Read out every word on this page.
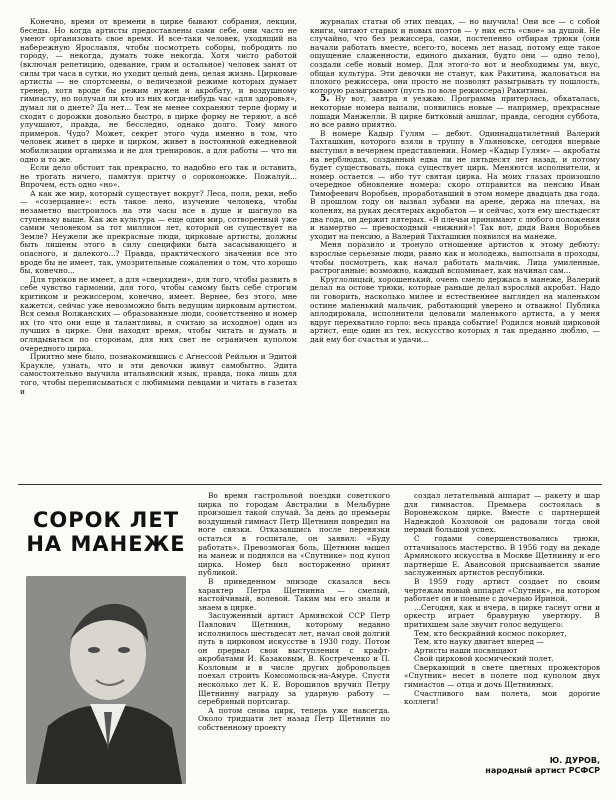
Конечно, время от времени в цирке бывают собрания, лекции, беседы. Но когда артисты предоставлены сами себе, они часто не умеют организовать свое время. И все-таки человек, уходящий на набережную Ярославля, чтобы посмотреть соборы, побродить по городу, — некогда, думать тоже некогда. Хотя чисто работой (включая репетицию, одевание, грим и остальное) человек занят от силы три часа в сутки, но уходит целый день, целая жизнь. Цирковые артисты — не спортсмены, о величезной режиме которых думает тренер, хотя вроде бы режим нужен и акробату, и воздушному гимнасту, но получая ли кто из них когда-нибудь час «для здоровья», думал ли о диете? Да нет... Тем не менее сохраняют терпе форму и сходят с дорожки довольно быстро, в цирке форму не теряют, а всё улучшают, правда, не бесследно, однако долго. Тому много примеров. Чудо? Может, секрет этого чуда именно в том, что человек живет в цирке и цирком, живет в постоянной ежедневной мобилизации организма и не для тренировок, а для работы — что ни одно и то же.

Если дело обстоит так прекрасно, то надобно его так и оставить, не трогать ничего, памятуя притчу о сороконожке. Пожалуй... Впрочем, есть одно «но».

А как же мир, который существует вокруг? Леса, поля, реки, небо — «созерцание»: есть такое лено, изучение человека, чтобы незаметно выстроилось на эти часы все в душе и шагнуло на ступеньку выше. Как же культура — еще один мир, сотворенный уже самим человеком за тот миллион лет, который он существует на Земле? Неужели же прекрасные люди, цирковые артисты, должны быть лишены этого в силу специфики быта засасывающего и опасного, и далекого...? Правда, практического значения все это вроде бы не имеет, так, умозрительные сожаления о том, что хорошо бы, конечно...

Для трюков не имеет, а для «сверхидеи», для того, чтобы развить в себе чувство гармонии, для того, чтобы самому быть себе строгим критиком и режиссером, конечно, имеет. Вернее, без этого, мне кажется, сейчас уже невозможно быть ведущим цирковым артистом. Вся семья Волжанских — образованные люди, сооветственно и номер их (то что они еще и талантливы, я считаю за исходное) один из лучших в цирке. Они находят время, чтобы читать и думать и оглядываться по сторонам, для них свет не ограничен куполом очередного цирка.

Приятно мне было, познакомившись с Агнессой Рейльян и Эдитой Краукле, узнать, что и эти девочки живут самобытно. Эдита самостоятельно выучила итальянский язык, правда, пока лишь для того, чтобы переписываться с любимыми певцами и читать в газетах и

журналах статьи об этих певцах, — но выучила! Они все — с собой книги, читают старых и новых поэтов — у них есть «свое» за душой. Не случайно, что без режиссера, сами, постепенно отбирая трюки (они начали работать вместе, всего-то, восемь лет назад, потому еще такое ощущение слаженности, единого дыхания, будто они — одно тело), создали себе новый номер. Для этого-то вот и необходимы ум, вкус, общая культура. Эти девочки не станут, как Ракитина, жаловаться на плохого режиссера, они просто не позволят разыгрывать ту пошлость, которую разыгрывают (пусть по воле режиссера) Ракитины.

5. Ну вот, завтра я уезжаю. Программа притерлась, обкаталась, некоторые номера выпали, появились новые — например, прекрасные лошади Манжелли. В цирке битковый аншлаг, правда, сегодня суббота, но все равно приятно.

В номере Кадыр Гулям — дебют. Одиннадцатилетний Валерий Тахташкин, которого взяли в труппу в Ульяновске, сегодня впервые выступил в вечернем представлении. Номер «Кадыр Гулям» — акробаты на верблюдах, созданный едва ли не пятьдесят лет назад, и потому будет существовать, пока существует цирк. Меняются исполнители, и номер остается — ибо тут святая цирка. На моих глазах произошло очередное обновление номера: скоро отправится на пенсию Иван Тимофеевич Воробьев, проработавший в этом номере двадцать два года. В прошлом году он вызвал зубами на арене, держа на плечах, на коленях, на руках десятерых акробатов — и сейчас, хотя ему шестьдесят два года, он держит пятерых. «В плечьи принимают с любого положения и намертво — превосходный «нижний»! Так вот, дядя Ваня Воробьев уходит на пенсию, а Валерий Тахташкин появился на манеже.

Меня поразило и тронуло отношение артистов к этому дебюту: взрослые серьезные люди, равно как и молодежь, выползали в проходы, чтобы посмотреть, как начал работать мальчик. Лица умиленные, растроганные: возможно, каждый вспоминает, как начинал сам...

Круглолицый, хорошенький, очень смело держась в манеже, Валерий делал на остове трюки, которые раньше делал взрослый акробат. Надо ли говорить, насколько милее и естественнее выглядел на маленьком остине маленький мальчик, работающий уверено и отважно! Публика аплодировала, исполнители целовали маленького артиста, а у меня вдруг перехватило горло: весь правда событие! Родился новый цирковой артист, еще один из тех, искусство которых я так преданно люблю, — дай ему бог счастья и удачи...

СОРОК ЛЕТ НА МАНЕЖЕ

Во время гастрольной поездки советского цирка по городам Австралии в Мельбурне произошел такой случай. За день до премьеры воздушный гимнаст Петр Щетнинн повредил на ноге связки. Отказавшись после перевязки остаться в госпитале, он заявил: «Буду работать». Превозмогая боль, Щетнинн вышел на манеж и поднялся на «Спутнике» под купол цирка. Номер был восторженно принят публикой.

В приведенном эпизоде сказался весь характер Петра Щетнинна — смелый, настойчивый, волевой. Таким мы его знали и знаем в цирке.

Заслуженный артист Армянской ССР Петр Павлович Щетнинн, которому недавно исполнилось шестьдесят лет, начал свой долгий путь в цирковом искусстве в 1930 году. Потом он прервал свои выступления с крафт-акробатами И. Казаковым, В. Костреченко и П. Козловым и в числе других добровольцев поехал строить Комсомольск-на-Амуре. Спустя несколько лет К. Е. Ворошилов вручил Петру Щетнинну награду за ударную работу — серебряный портсигар.

А потом снова цирк, теперь уже навсегда. Около тридцати лет назад Петр Щетнинн по собственному проекту

создал летательный аппарат — ракету и шар для гимнастов. Премьера состоялась в Воронежском цирке. Вместе с партнершей Надеждой Козловой он радовали тогда свой первый большой успех.

С годами совершенствовались трюки, оттачивалось мастерство. В 1956 году на декаде Армянского искусства в Москве Щетнинну и его партнерше Е. Авансовой присваивается звание заслуженных артистов республики.

В 1959 году артист создает по своим чертежам новый аппарат «Спутник», на котором работает он и поныне с дочерью Ириной.

...Сегодня, как и вчера, в цирке гаснут огни и оркестр играет бравурную увертюру. В притихшем зале звучит голос ведущего:

Тем, кто бескрайний космос покоряет,

Тем, кто науку двигает вперед —

Артисты наши посвящают

Свой цирковой космический полет.

Сверкающий в свете цветных прожекторов «Спутник» несет в полете под куполом двух гимнастов — отца и дочь Щетнинных.

Счастливого вам полета, мои дорогие коллеги!

Ю. ДУРОВ,
народный артист РСФСР
